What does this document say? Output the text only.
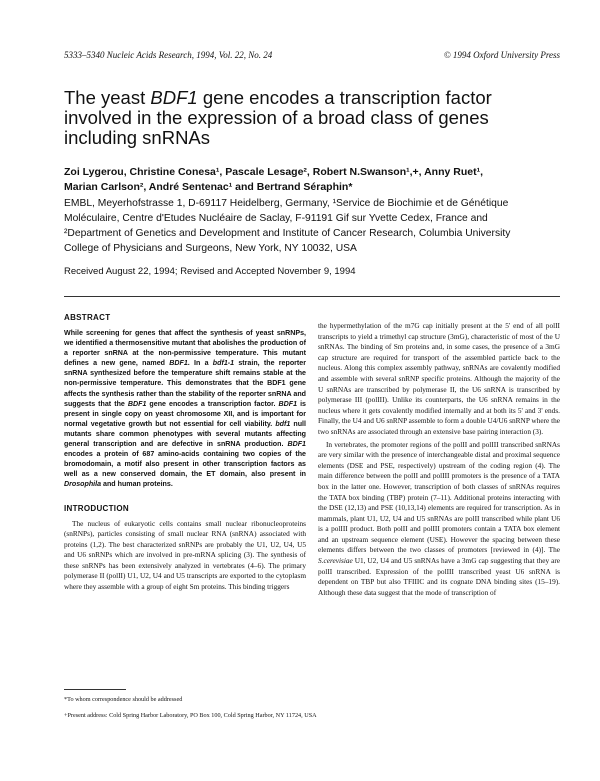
5333–5340 Nucleic Acids Research, 1994, Vol. 22, No. 24	© 1994 Oxford University Press
The yeast BDF1 gene encodes a transcription factor involved in the expression of a broad class of genes including snRNAs
Zoi Lygerou, Christine Conesa¹, Pascale Lesage², Robert N.Swanson¹,+, Anny Ruet¹,
Marian Carlson², André Sentenac¹ and Bertrand Séraphin*
EMBL, Meyerhofstrasse 1, D-69117 Heidelberg, Germany, ¹Service de Biochimie et de Génétique
Moléculaire, Centre d'Etudes Nucléaire de Saclay, F-91191 Gif sur Yvette Cedex, France and
²Department of Genetics and Development and Institute of Cancer Research, Columbia University
College of Physicians and Surgeons, New York, NY 10032, USA
Received August 22, 1994; Revised and Accepted November 9, 1994
ABSTRACT

While screening for genes that affect the synthesis of yeast snRNPs, we identified a thermosensitive mutant that abolishes the production of a reporter snRNA at the non-permissive temperature. This mutant defines a new gene, named BDF1. In a bdf1-1 strain, the reporter snRNA synthesized before the temperature shift remains stable at the non-permissive temperature. This demonstrates that the BDF1 gene affects the synthesis rather than the stability of the reporter snRNA and suggests that the BDF1 gene encodes a transcription factor. BDF1 is present in single copy on yeast chromosome XII, and is important for normal vegetative growth but not essential for cell viability. bdf1 null mutants share common phenotypes with several mutants affecting general transcription and are defective in snRNA production. BDF1 encodes a protein of 687 amino-acids containing two copies of the bromodomain, a motif also present in other transcription factors as well as a new conserved domain, the ET domain, also present in Drosophila and human proteins.

INTRODUCTION

The nucleus of eukaryotic cells contains small nuclear ribonucleoproteins (snRNPs), particles consisting of small nuclear RNA (snRNA) associated with proteins (1,2). The best characterized snRNPs are probably the U1, U2, U4, U5 and U6 snRNPs which are involved in pre-mRNA splicing (3). The synthesis of these snRNPs has been extensively analyzed in vertebrates (4–6). The primary polymerase II (polII) U1, U2, U4 and U5 transcripts are exported to the cytoplasm where they assemble with a group of eight Sm proteins. This binding triggers

the hypermethylation of the m7G cap initially present at the 5' end of all polII transcripts to yield a trimethyl cap structure (3mG), characteristic of most of the U snRNAs. The binding of Sm proteins and, in some cases, the presence of a 3mG cap structure are required for transport of the assembled particle back to the nucleus. Along this complex assembly pathway, snRNAs are covalently modified and assemble with several snRNP specific proteins. Although the majority of the U snRNAs are transcribed by polymerase II, the U6 snRNA is transcribed by polymerase III (polIII). Unlike its counterparts, the U6 snRNA remains in the nucleus where it gets covalently modified internally and at both its 5' and 3' ends. Finally, the U4 and U6 snRNP assemble to form a double U4/U6 snRNP where the two snRNAs are associated through an extensive base pairing interaction (3).

In vertebrates, the promoter regions of the polII and polIII transcribed snRNAs are very similar with the presence of interchangeable distal and proximal sequence elements (DSE and PSE, respectively) upstream of the coding region (4). The main difference between the polII and polIII promoters is the presence of a TATA box in the latter one. However, transcription of both classes of snRNAs requires the TATA box binding (TBP) protein (7–11). Additional proteins interacting with the DSE (12,13) and PSE (10,13,14) elements are required for transcription. As in mammals, plant U1, U2, U4 and U5 snRNAs are polII transcribed while plant U6 is a polIII product. Both polII and polIII promoters contain a TATA box element and an upstream sequence element (USE). However the spacing between these elements differs between the two classes of promoters [reviewed in (4)]. The S.cerevisiae U1, U2, U4 and U5 snRNAs have a 3mG cap suggesting that they are polII transcribed. Expression of the polIII transcribed yeast U6 snRNA is dependent on TBP but also TFIIIC and its cognate DNA binding sites (15–19). Although these data suggest that the mode of transcription of

*To whom correspondence should be addressed
+Present address: Cold Spring Harbor Laboratory, PO Box 100, Cold Spring Harbor, NY 11724, USA
